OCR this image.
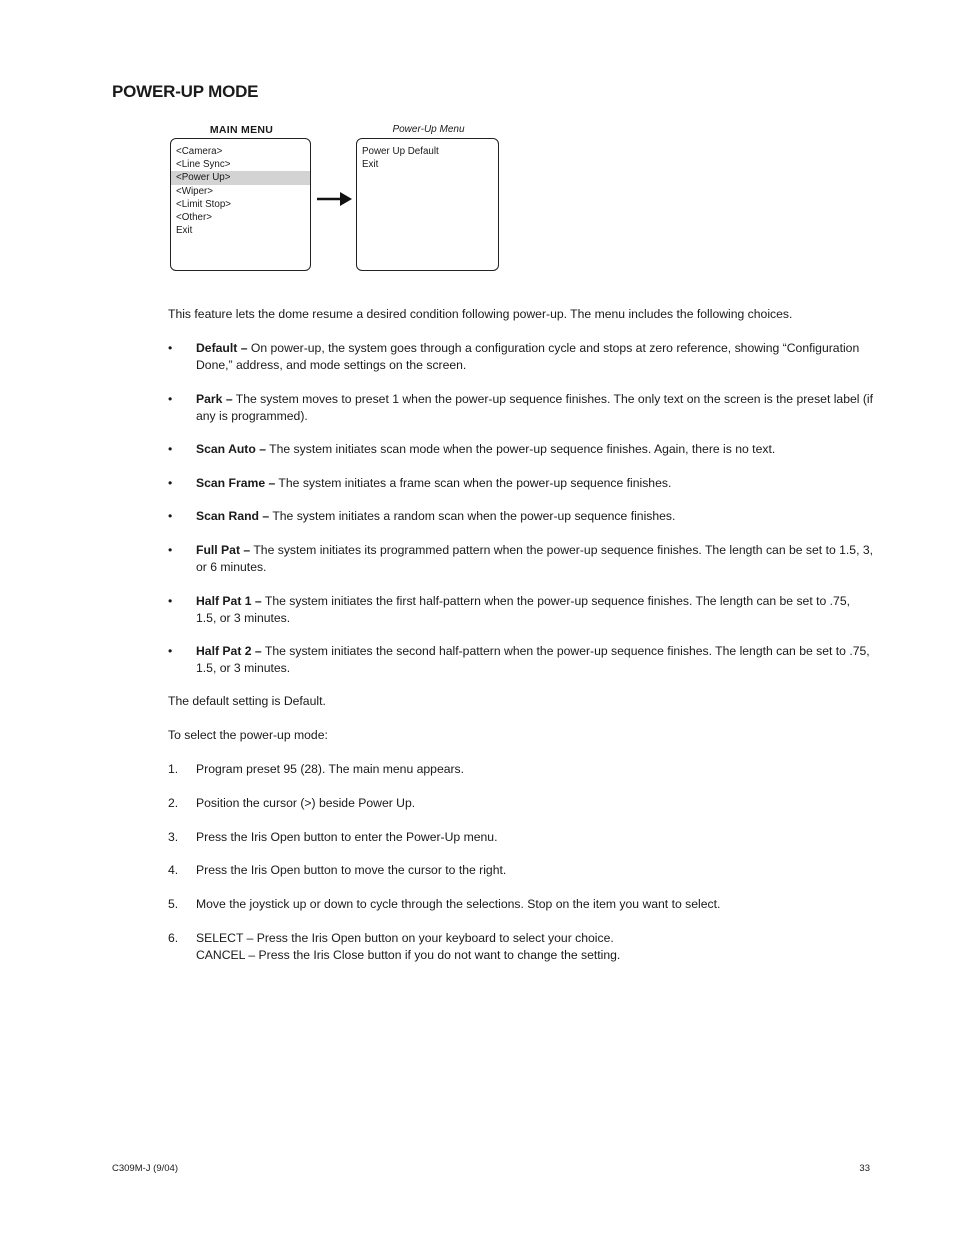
POWER-UP MODE
MAIN MENU
<Camera>
<Line Sync>
<Power Up>
<Wiper>
<Limit Stop>
<Other>
Exit
Power-Up Menu
Power Up Default
Exit

This feature lets the dome resume a desired condition following power-up. The menu includes the following choices.

• Default – On power-up, the system goes through a configuration cycle and stops at zero reference, showing “Configuration Done,” address, and mode settings on the screen.
• Park – The system moves to preset 1 when the power-up sequence finishes. The only text on the screen is the preset label (if any is programmed).
• Scan Auto – The system initiates scan mode when the power-up sequence finishes. Again, there is no text.
• Scan Frame – The system initiates a frame scan when the power-up sequence finishes.
• Scan Rand – The system initiates a random scan when the power-up sequence finishes.
• Full Pat – The system initiates its programmed pattern when the power-up sequence finishes. The length can be set to 1.5, 3, or 6 minutes.
• Half Pat 1 – The system initiates the first half-pattern when the power-up sequence finishes. The length can be set to .75, 1.5, or 3 minutes.
• Half Pat 2 – The system initiates the second half-pattern when the power-up sequence finishes. The length can be set to .75, 1.5, or 3 minutes.

The default setting is Default.

To select the power-up mode:

1. Program preset 95 (28). The main menu appears.
2. Position the cursor (>) beside Power Up.
3. Press the Iris Open button to enter the Power-Up menu.
4. Press the Iris Open button to move the cursor to the right.
5. Move the joystick up or down to cycle through the selections. Stop on the item you want to select.
6. SELECT – Press the Iris Open button on your keyboard to select your choice.
CANCEL – Press the Iris Close button if you do not want to change the setting.
C309M-J (9/04)	33
